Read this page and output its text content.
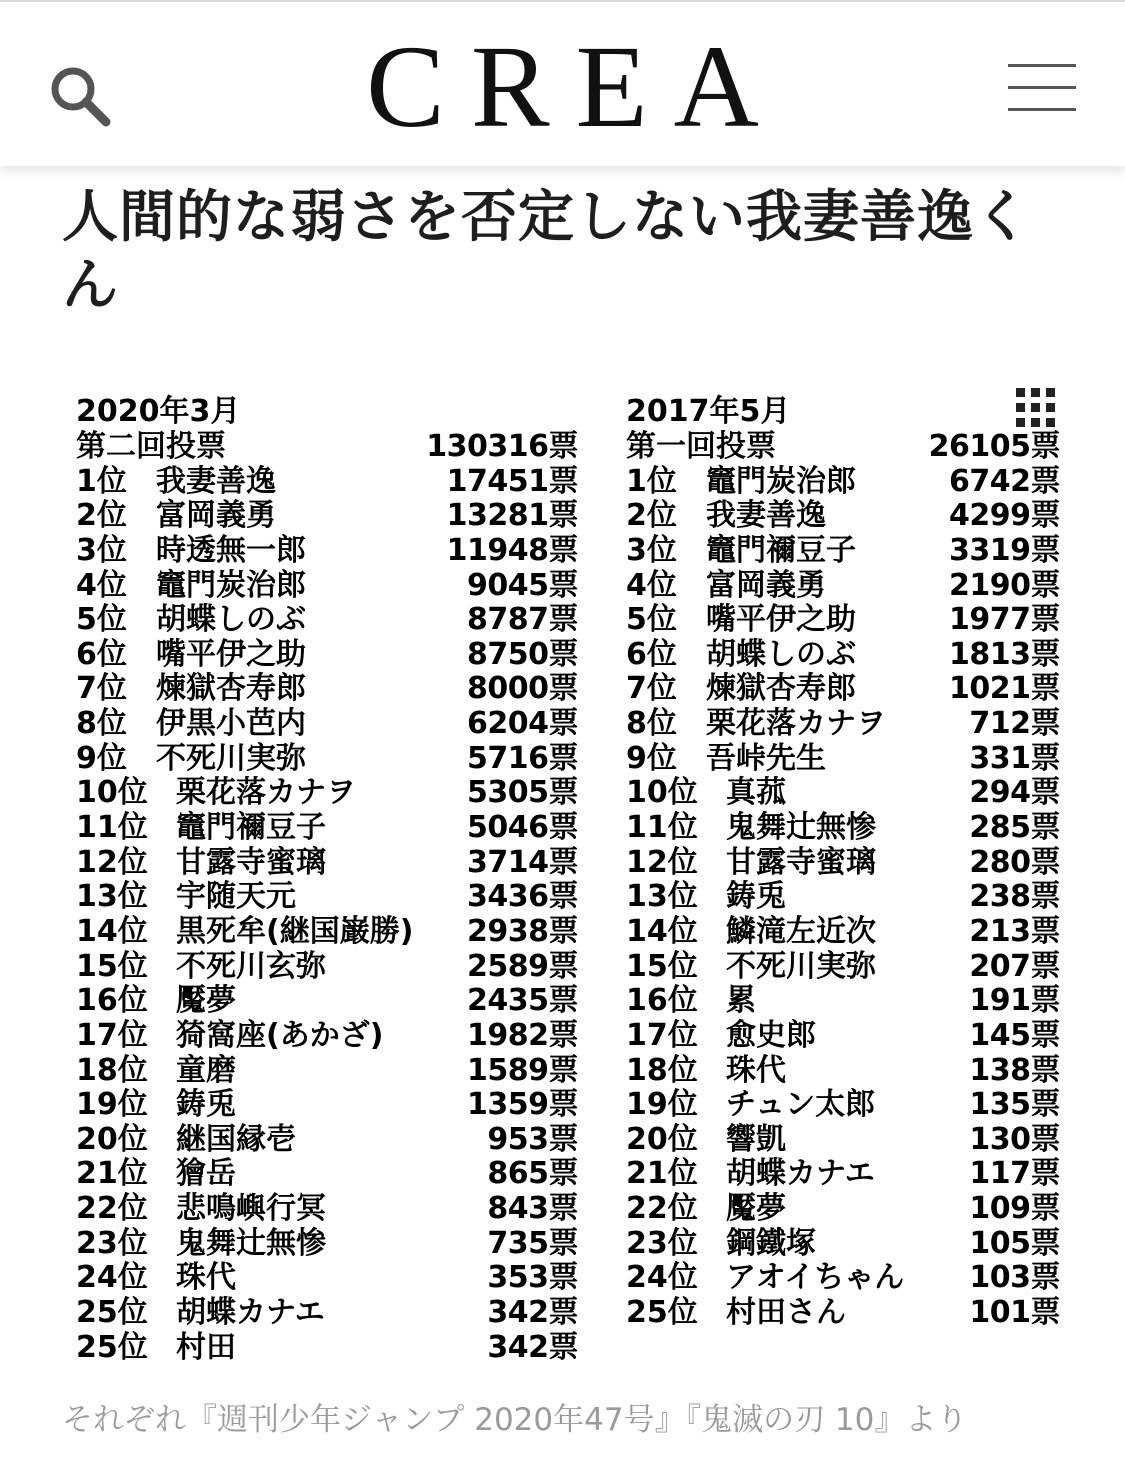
CREA
人間的な弱さを否定しない我妻善逸くん
2020年3月
第二回投票	130316票
1位 我妻善逸	17451票
2位 富岡義勇	13281票
3位 時透無一郎	11948票
4位 竈門炭治郎	9045票
5位 胡蝶しのぶ	8787票
6位 嘴平伊之助	8750票
7位 煉獄杏寿郎	8000票
8位 伊黒小芭内	6204票
9位 不死川実弥	5716票
10位 栗花落カナヲ	5305票
11位 竈門禰豆子	5046票
12位 甘露寺蜜璃	3714票
13位 宇随天元	3436票
14位 黒死牟(継国巌勝) 2938票
15位 不死川玄弥	2589票
16位 魘夢	2435票
17位 猗窩座(あかざ)	1982票
18位 童磨	1589票
19位 鋳兎	1359票
20位 継国縁壱	953票
21位 獪岳	865票
22位 悲鳴嶼行冥	843票
23位 鬼舞辻無惨	735票
24位 珠代	353票
25位 胡蝶カナエ	342票
25位 村田	342票
2017年5月
第一回投票	26105票
1位 竈門炭治郎	6742票
2位 我妻善逸	4299票
3位 竈門禰豆子	3319票
4位 富岡義勇	2190票
5位 嘴平伊之助	1977票
6位 胡蝶しのぶ	1813票
7位 煉獄杏寿郎	1021票
8位 栗花落カナヲ	712票
9位 吾峠先生	331票
10位 真菰	294票
11位 鬼舞辻無惨	285票
12位 甘露寺蜜璃	280票
13位 鋳兎	238票
14位 鱗滝左近次	213票
15位 不死川実弥	207票
16位 累	191票
17位 愈史郎	145票
18位 珠代	138票
19位 チュン太郎	135票
20位 響凱	130票
21位 胡蝶カナエ	117票
22位 魘夢	109票
23位 鋼鐵塚	105票
24位 アオイちゃん 103票
25位 村田さん	101票

それぞれ『週刊少年ジャンプ 2020年47号』『鬼滅の刃 10』より
